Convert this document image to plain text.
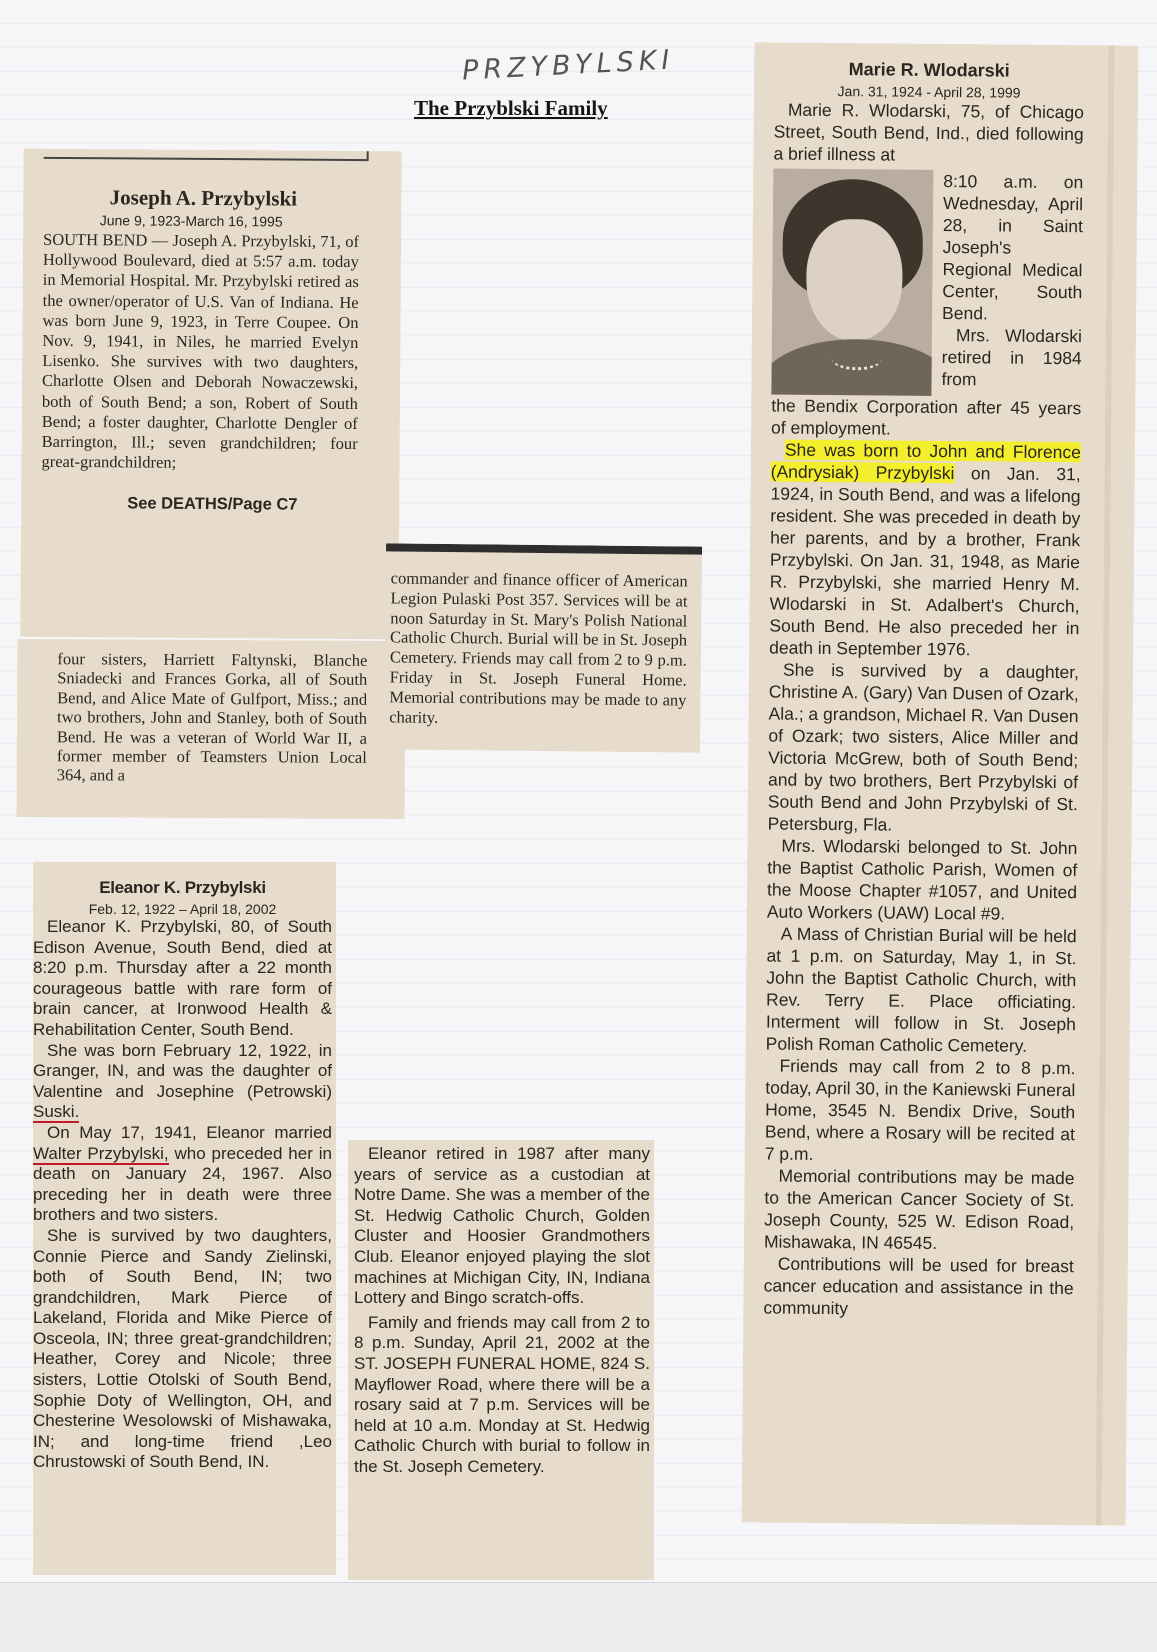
PRZYBYLSKI
The Przyblski Family
Joseph A. Przybylski
June 9, 1923-March 16, 1995

SOUTH BEND — Joseph A. Przybylski, 71, of Hollywood Boulevard, died at 5:57 a.m. today in Memorial Hospital. Mr. Przybylski retired as the owner/operator of U.S. Van of Indiana. He was born June 9, 1923, in Terre Coupee. On Nov. 9, 1941, in Niles, he married Evelyn Lisenko. She survives with two daughters, Charlotte Olsen and Deborah Nowaczewski, both of South Bend; a son, Robert of South Bend; a foster daughter, Charlotte Dengler of Barrington, Ill.; seven grandchildren; four great-grandchildren;

See DEATHS/Page C7

four sisters, Harriett Faltynski, Blanche Sniadecki and Frances Gorka, all of South Bend, and Alice Mate of Gulfport, Miss.; and two brothers, John and Stanley, both of South Bend. He was a veteran of World War II, a former member of Teamsters Union Local 364, and a

commander and finance officer of American Legion Pulaski Post 357. Services will be at noon Saturday in St. Mary's Polish National Catholic Church. Burial will be in St. Joseph Cemetery. Friends may call from 2 to 9 p.m. Friday in St. Joseph Funeral Home. Memorial contributions may be made to any charity.

Marie R. Wlodarski
Jan. 31, 1924 - April 28, 1999

Marie R. Wlodarski, 75, of Chicago Street, South Bend, Ind., died following a brief illness at

8:10 a.m. on Wednesday, April 28, in Saint Joseph's Regional Medical Center, South Bend.

Mrs. Wlodarski retired in 1984 from

the Bendix Corporation after 45 years of employment.

She was born to John and Florence (Andrysiak) Przybylski on Jan. 31, 1924, in South Bend, and was a lifelong resident. She was preceded in death by her parents, and by a brother, Frank Przybylski. On Jan. 31, 1948, as Marie R. Przybylski, she married Henry M. Wlodarski in St. Adalbert's Church, South Bend. He also preceded her in death in September 1976.

She is survived by a daughter, Christine A. (Gary) Van Dusen of Ozark, Ala.; a grandson, Michael R. Van Dusen of Ozark; two sisters, Alice Miller and Victoria McGrew, both of South Bend; and by two brothers, Bert Przybylski of South Bend and John Przybylski of St. Petersburg, Fla.

Mrs. Wlodarski belonged to St. John the Baptist Catholic Parish, Women of the Moose Chapter #1057, and United Auto Workers (UAW) Local #9.

A Mass of Christian Burial will be held at 1 p.m. on Saturday, May 1, in St. John the Baptist Catholic Church, with Rev. Terry E. Place officiating. Interment will follow in St. Joseph Polish Roman Catholic Cemetery.

Friends may call from 2 to 8 p.m. today, April 30, in the Kaniewski Funeral Home, 3545 N. Bendix Drive, South Bend, where a Rosary will be recited at 7 p.m.

Memorial contributions may be made to the American Cancer Society of St. Joseph County, 525 W. Edison Road, Mishawaka, IN 46545.

Contributions will be used for breast cancer education and assistance in the community

Eleanor K. Przybylski
Feb. 12, 1922 – April 18, 2002

Eleanor K. Przybylski, 80, of South Edison Avenue, South Bend, died at 8:20 p.m. Thursday after a 22 month courageous battle with rare form of brain cancer, at Ironwood Health & Rehabilitation Center, South Bend.

She was born February 12, 1922, in Granger, IN, and was the daughter of Valentine and Josephine (Petrowski) Suski.

On May 17, 1941, Eleanor married Walter Przybylski, who preceded her in death on January 24, 1967. Also preceding her in death were three brothers and two sisters.

She is survived by two daughters, Connie Pierce and Sandy Zielinski, both of South Bend, IN; two grandchildren, Mark Pierce of Lakeland, Florida and Mike Pierce of Osceola, IN; three great-grandchildren; Heather, Corey and Nicole; three sisters, Lottie Otolski of South Bend, Sophie Doty of Wellington, OH, and Chesterine Wesolowski of Mishawaka, IN; and long-time friend ,Leo Chrustowski of South Bend, IN.

Eleanor retired in 1987 after many years of service as a custodian at Notre Dame. She was a member of the St. Hedwig Catholic Church, Golden Cluster and Hoosier Grandmothers Club. Eleanor enjoyed playing the slot machines at Michigan City, IN, Indiana Lottery and Bingo scratch-offs.

Family and friends may call from 2 to 8 p.m. Sunday, April 21, 2002 at the ST. JOSEPH FUNERAL HOME, 824 S. Mayflower Road, where there will be a rosary said at 7 p.m. Services will be held at 10 a.m. Monday at St. Hedwig Catholic Church with burial to follow in the St. Joseph Cemetery.
